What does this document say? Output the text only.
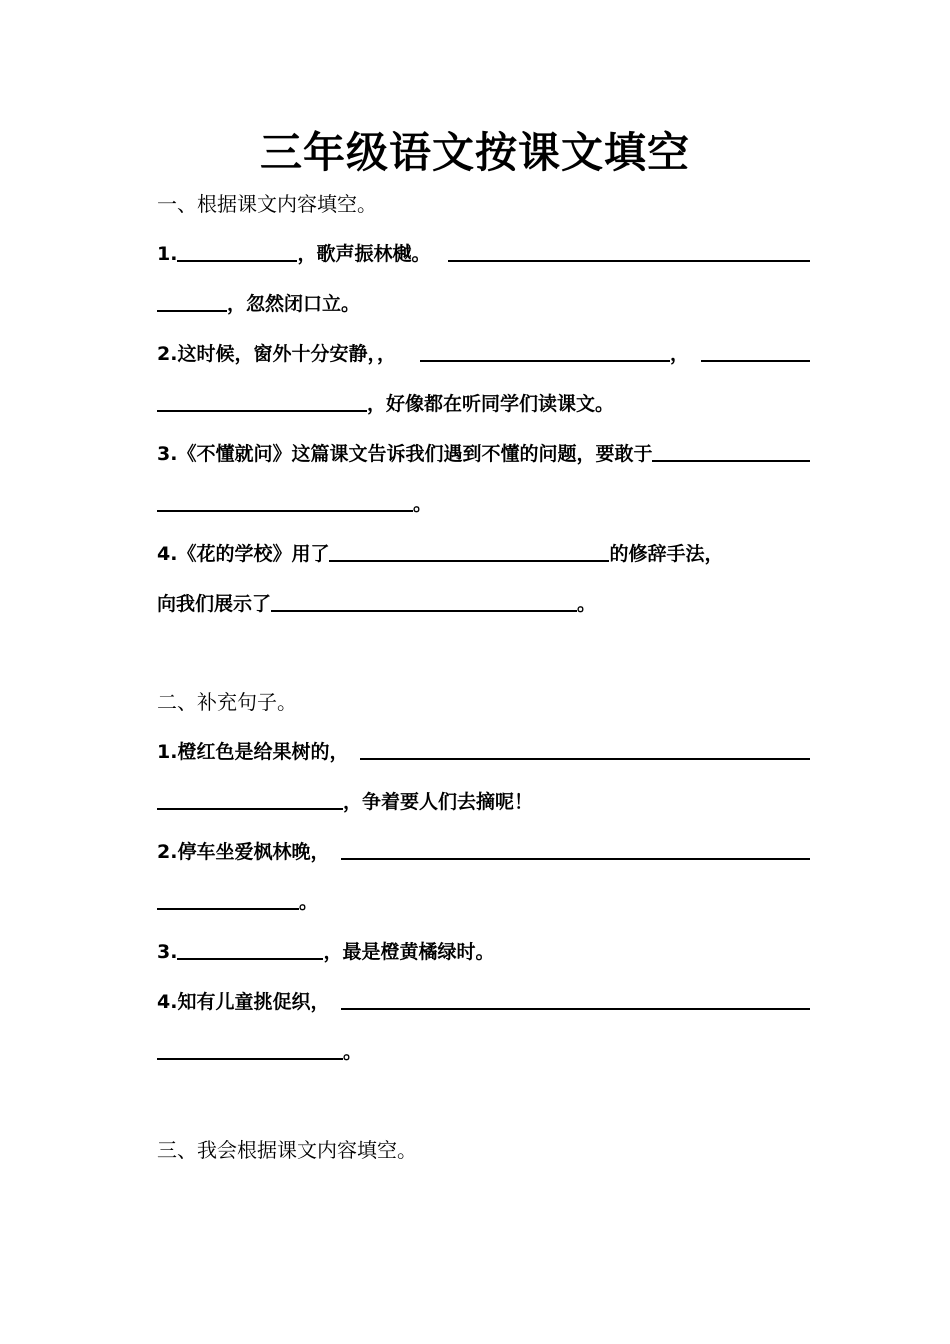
三年级语文按课文填空
一、根据课文内容填空。
1.	，歌声振林樾。
，忽然闭口立。
2.这时候，窗外十分安静，，	，
，好像都在听同学们读课文。
3.《不懂就问》这篇课文告诉我们遇到不懂的问题，要敢于
。
4.《花的学校》用了	的修辞手法，
向我们展示了	。
二、补充句子。
1.橙红色是给果树的，
，争着要人们去摘呢！
2.停车坐爱枫林晚，
。
3.	，最是橙黄橘绿时。
4.知有儿童挑促织，
。
三、我会根据课文内容填空。
